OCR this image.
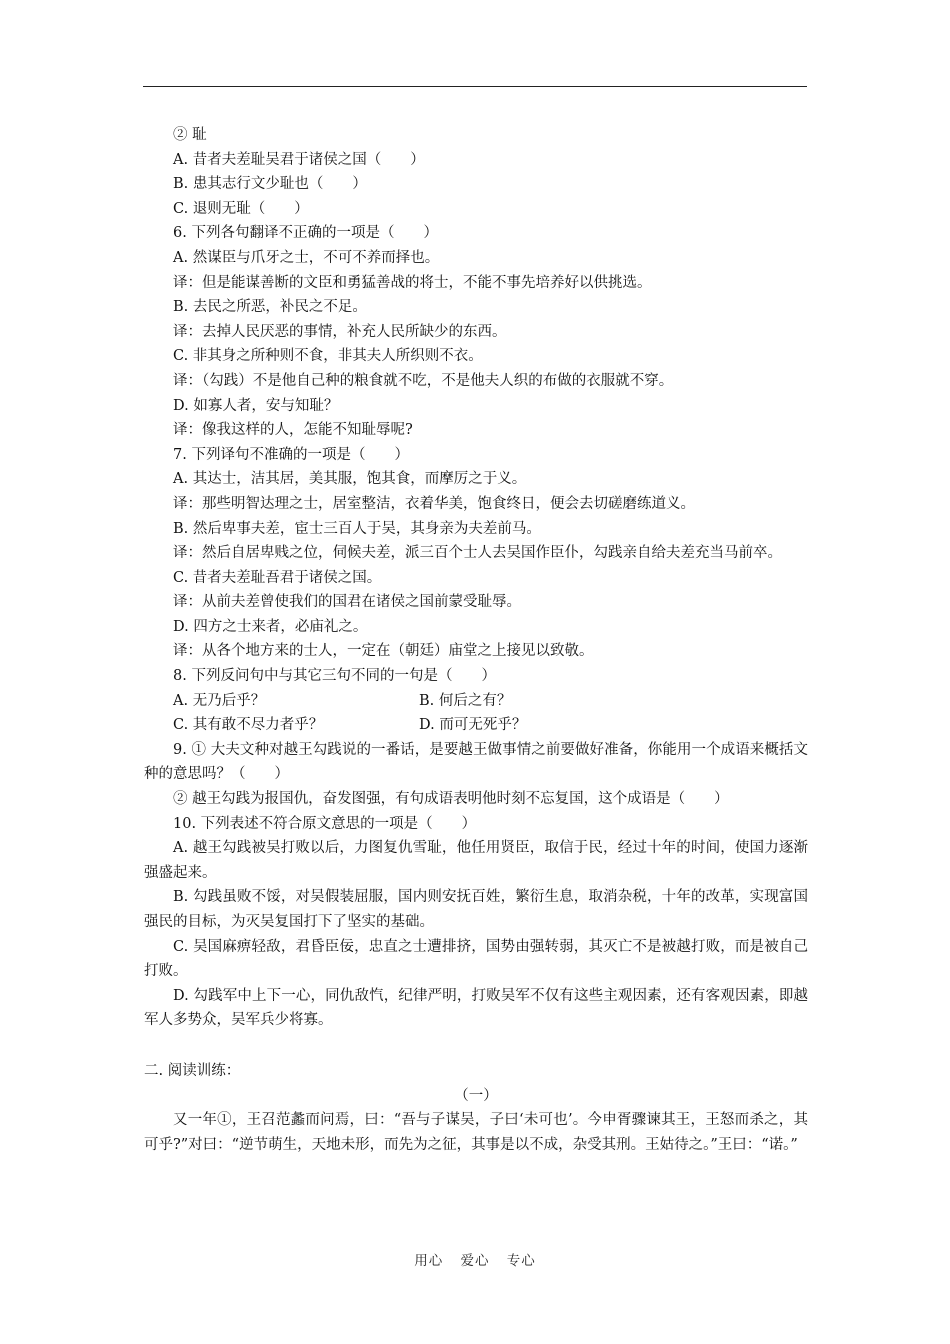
② 耻

A. 昔者夫差耻吴君于诸侯之国（　　）

B. 患其志行文少耻也（　　）

C. 退则无耻（　　）

6. 下列各句翻译不正确的一项是（　　）

A. 然谋臣与爪牙之士，不可不养而择也。

译：但是能谋善断的文臣和勇猛善战的将士，不能不事先培养好以供挑选。

B. 去民之所恶，补民之不足。

译：去掉人民厌恶的事情，补充人民所缺少的东西。

C. 非其身之所种则不食，非其夫人所织则不衣。

译：（勾践）不是他自己种的粮食就不吃，不是他夫人织的布做的衣服就不穿。

D. 如寡人者，安与知耻？

译：像我这样的人，怎能不知耻辱呢?

7. 下列译句不准确的一项是（　　）

A. 其达士，洁其居，美其服，饱其食，而摩厉之于义。

译：那些明智达理之士，居室整洁，衣着华美，饱食终日，便会去切磋磨练道义。

B. 然后卑事夫差，宦士三百人于吴，其身亲为夫差前马。

译：然后自居卑贱之位，伺候夫差，派三百个士人去吴国作臣仆，勾践亲自给夫差充当马前卒。

C. 昔者夫差耻吾君于诸侯之国。

译：从前夫差曾使我们的国君在诸侯之国前蒙受耻辱。

D. 四方之士来者，必庙礼之。

译：从各个地方来的士人，一定在（朝廷）庙堂之上接见以致敬。

8. 下列反问句中与其它三句不同的一句是（　　）

A. 无乃后乎？	B. 何后之有？
C. 其有敢不尽力者乎？	D. 而可无死乎？

9. ① 大夫文种对越王勾践说的一番话，是要越王做事情之前要做好准备，你能用一个成语来概括文种的意思吗？（　　）

② 越王勾践为报国仇，奋发图强，有句成语表明他时刻不忘复国，这个成语是（　　）

10. 下列表述不符合原文意思的一项是（　　）

A. 越王勾践被吴打败以后，力图复仇雪耻，他任用贤臣，取信于民，经过十年的时间，使国力逐渐强盛起来。

B. 勾践虽败不馁，对吴假装屈服，国内则安抚百姓，繁衍生息，取消杂税，十年的改革，实现富国强民的目标，为灭吴复国打下了坚实的基础。

C. 吴国麻痹轻敌，君昏臣佞，忠直之士遭排挤，国势由强转弱，其灭亡不是被越打败，而是被自己打败。

D. 勾践军中上下一心，同仇敌忾，纪律严明，打败吴军不仅有这些主观因素，还有客观因素，即越军人多势众，吴军兵少将寡。

二. 阅读训练：

（一）

又一年①，王召范蠡而问焉，曰：“吾与子谋吴，子曰‘未可也’。今申胥骤谏其王，王怒而杀之，其可乎?”对曰：“逆节萌生，天地未形，而先为之征，其事是以不成，杂受其刑。王姑待之。”王曰：“诺。”

用心 爱心 专心
